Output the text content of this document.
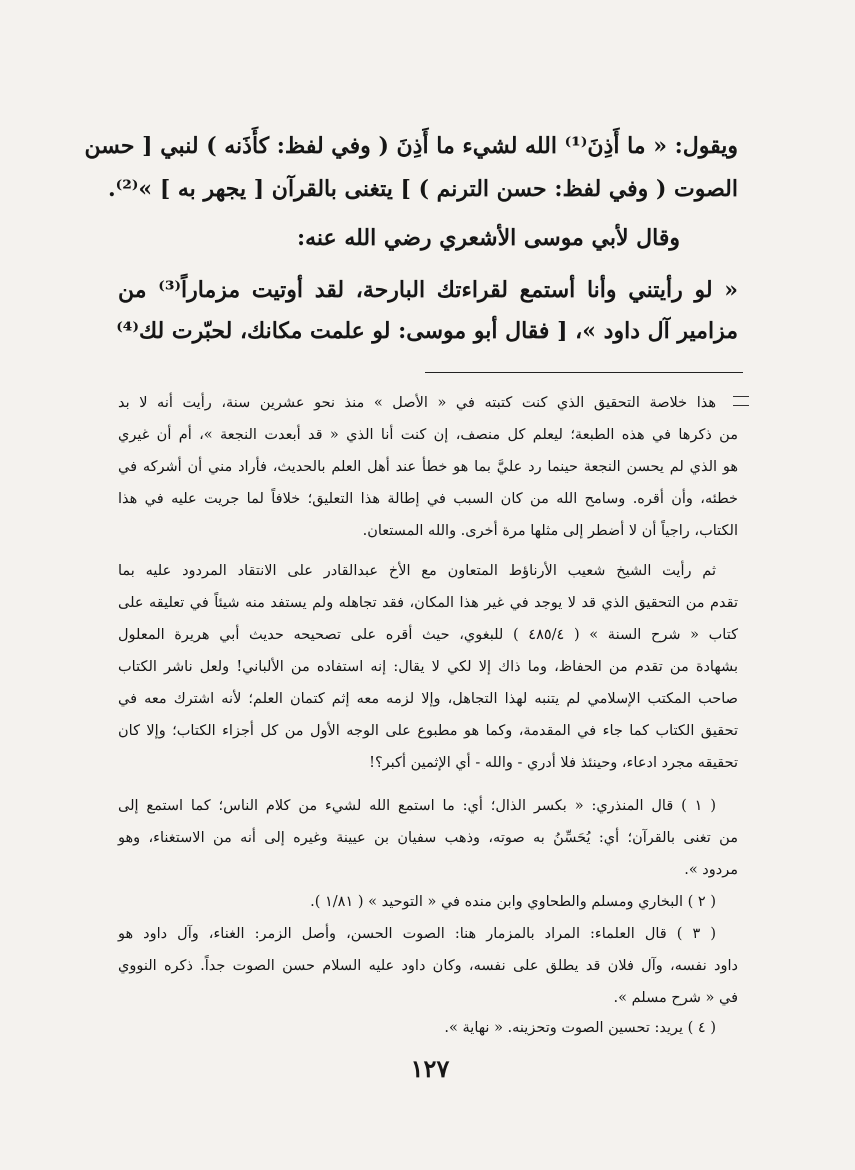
ويقول: « ما أَذِنَ⁽¹⁾ الله لشيء ما أَذِنَ ( وفي لفظ: كأَذَنه ) لنبي [ حسن
الصوت ( وفي لفظ: حسن الترنم ) ] يتغنى بالقرآن [ يجهر به ] »⁽²⁾.
وقال لأبي موسى الأشعري رضي الله عنه:
« لو رأيتني وأنا أستمع لقراءتك البارحة، لقد أوتيت مزماراً⁽³⁾ من
مزامير آل داود »، [ فقال أبو موسى: لو علمت مكانك، لحبّرت لك⁽⁴⁾
هذا خلاصة التحقيق الذي كنت كتبته في « الأصل » منذ نحو عشرين سنة، رأيت أنه لا بد
من ذكرها في هذه الطبعة؛ ليعلم كل منصف، إن كنت أنا الذي « قد أبعدت النجعة »، أم أن غيري
هو الذي لم يحسن النجعة حينما رد عليَّ بما هو خطأ عند أهل العلم بالحديث، فأراد مني أن أشركه في
خطئه، وأن أقره. وسامح الله من كان السبب في إطالة هذا التعليق؛ خلافاً لما جريت عليه في هذا
الكتاب، راجياً أن لا أضطر إلى مثلها مرة أخرى. والله المستعان.
ثم رأيت الشيخ شعيب الأرناؤط المتعاون مع الأخ عبدالقادر على الانتقاد المردود عليه بما
تقدم من التحقيق الذي قد لا يوجد في غير هذا المكان، فقد تجاهله ولم يستفد منه شيئاً في تعليقه على
كتاب « شرح السنة » ( ٤٨٥/٤ ) للبغوي، حيث أقره على تصحيحه حديث أبي هريرة المعلول
بشهادة من تقدم من الحفاظ، وما ذاك إلا لكي لا يقال: إنه استفاده من الألباني! ولعل ناشر الكتاب
صاحب المكتب الإسلامي لم يتنبه لهذا التجاهل، وإلا لزمه معه إثم كتمان العلم؛ لأنه اشترك معه في
تحقيق الكتاب كما جاء في المقدمة، وكما هو مطبوع على الوجه الأول من كل أجزاء الكتاب؛ وإلا كان
تحقيقه مجرد ادعاء، وحينئذ فلا أدري - والله - أي الإثمين أكبر؟!
( ١ ) قال المنذري: « بكسر الذال؛ أي: ما استمع الله لشيء من كلام الناس؛ كما استمع إلى
من تغنى بالقرآن؛ أي: يُحَسِّنُ به صوته، وذهب سفيان بن عيينة وغيره إلى أنه من الاستغناء، وهو
مردود ».
( ٢ ) البخاري ومسلم والطحاوي وابن منده في « التوحيد » ( ١/٨١ ).
( ٣ ) قال العلماء: المراد بالمزمار هنا: الصوت الحسن، وأصل الزمر: الغناء، وآل داود هو
داود نفسه، وآل فلان قد يطلق على نفسه، وكان داود عليه السلام حسن الصوت جداً. ذكره النووي
في « شرح مسلم ».
( ٤ ) يريد: تحسين الصوت وتحزينه. « نهاية ».
١٢٧
